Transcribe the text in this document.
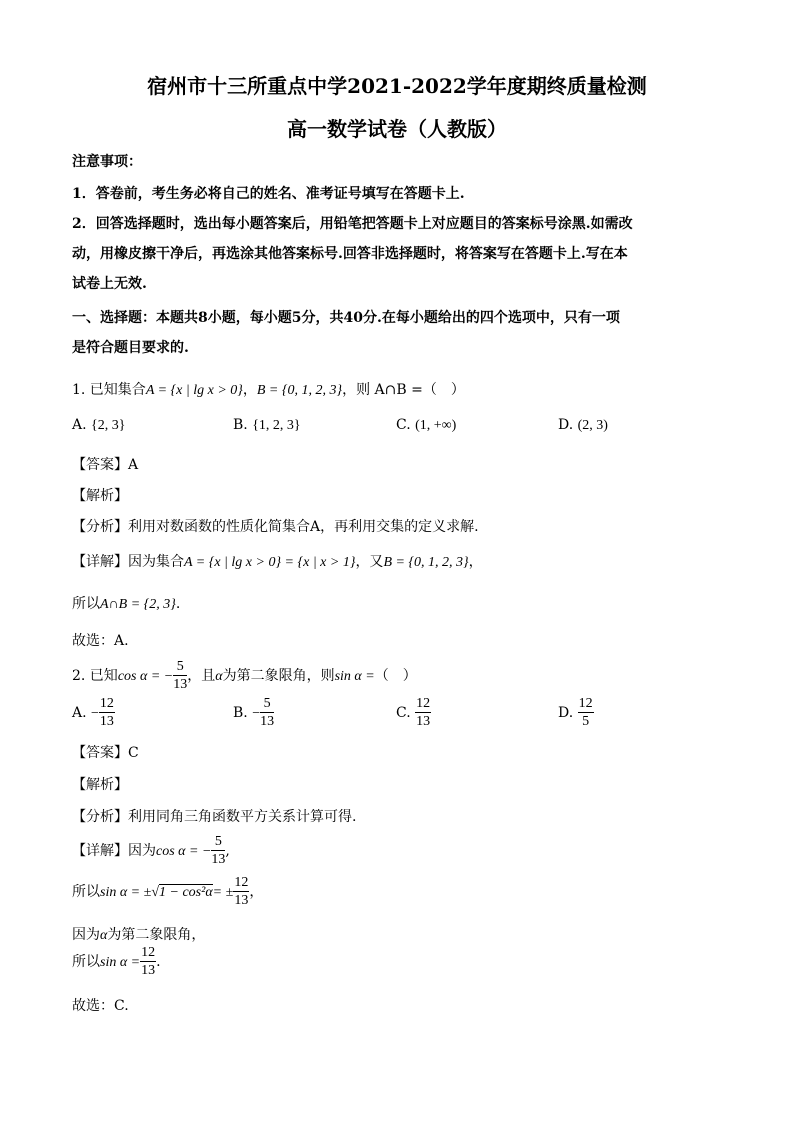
宿州市十三所重点中学2021-2022学年度期终质量检测
高一数学试卷（人教版）
注意事项：
1．答卷前，考生务必将自己的姓名、准考证号填写在答题卡上.
2．回答选择题时，选出每小题答案后，用铅笔把答题卡上对应题目的答案标号涂黑.如需改
动，用橡皮擦干净后，再选涂其他答案标号.回答非选择题时，将答案写在答题卡上.写在本
试卷上无效.
一、选择题：本题共8小题，每小题5分，共40分.在每小题给出的四个选项中，只有一项
是符合题目要求的.
1. 已知集合A = {x | lg x > 0}，B = {0, 1, 2, 3}，则 A∩B =（　）
A. {2, 3}	B. {1, 2, 3}	C. (1, +∞)	D. (2, 3)
【答案】A
【解析】
【分析】利用对数函数的性质化简集合A，再利用交集的定义求解.
【详解】因为集合A = {x | lg x > 0} = {x | x > 1}，又B = {0, 1, 2, 3}，
所以A∩B = {2, 3}.
故选：A.
2. 已知cos α = − $\frac{5}{13}$ ，且α为第二象限角，则sin α =（　）
A. − $\frac{12}{13}$	B. − $\frac{5}{13}$	C. $\frac{12}{13}$	D. $\frac{12}{5}$
【答案】C
【解析】
【分析】利用同角三角函数平方关系计算可得.
【详解】因为cos α = − $\frac{5}{13}$ ,
所以$\sin \alpha = \pm√1 - \cos^2\alpha= \pm \frac{12}{13}$ ，
因为α为第二象限角，
所以$\sin \alpha = \frac{12}{13}$ .
故选：C.
